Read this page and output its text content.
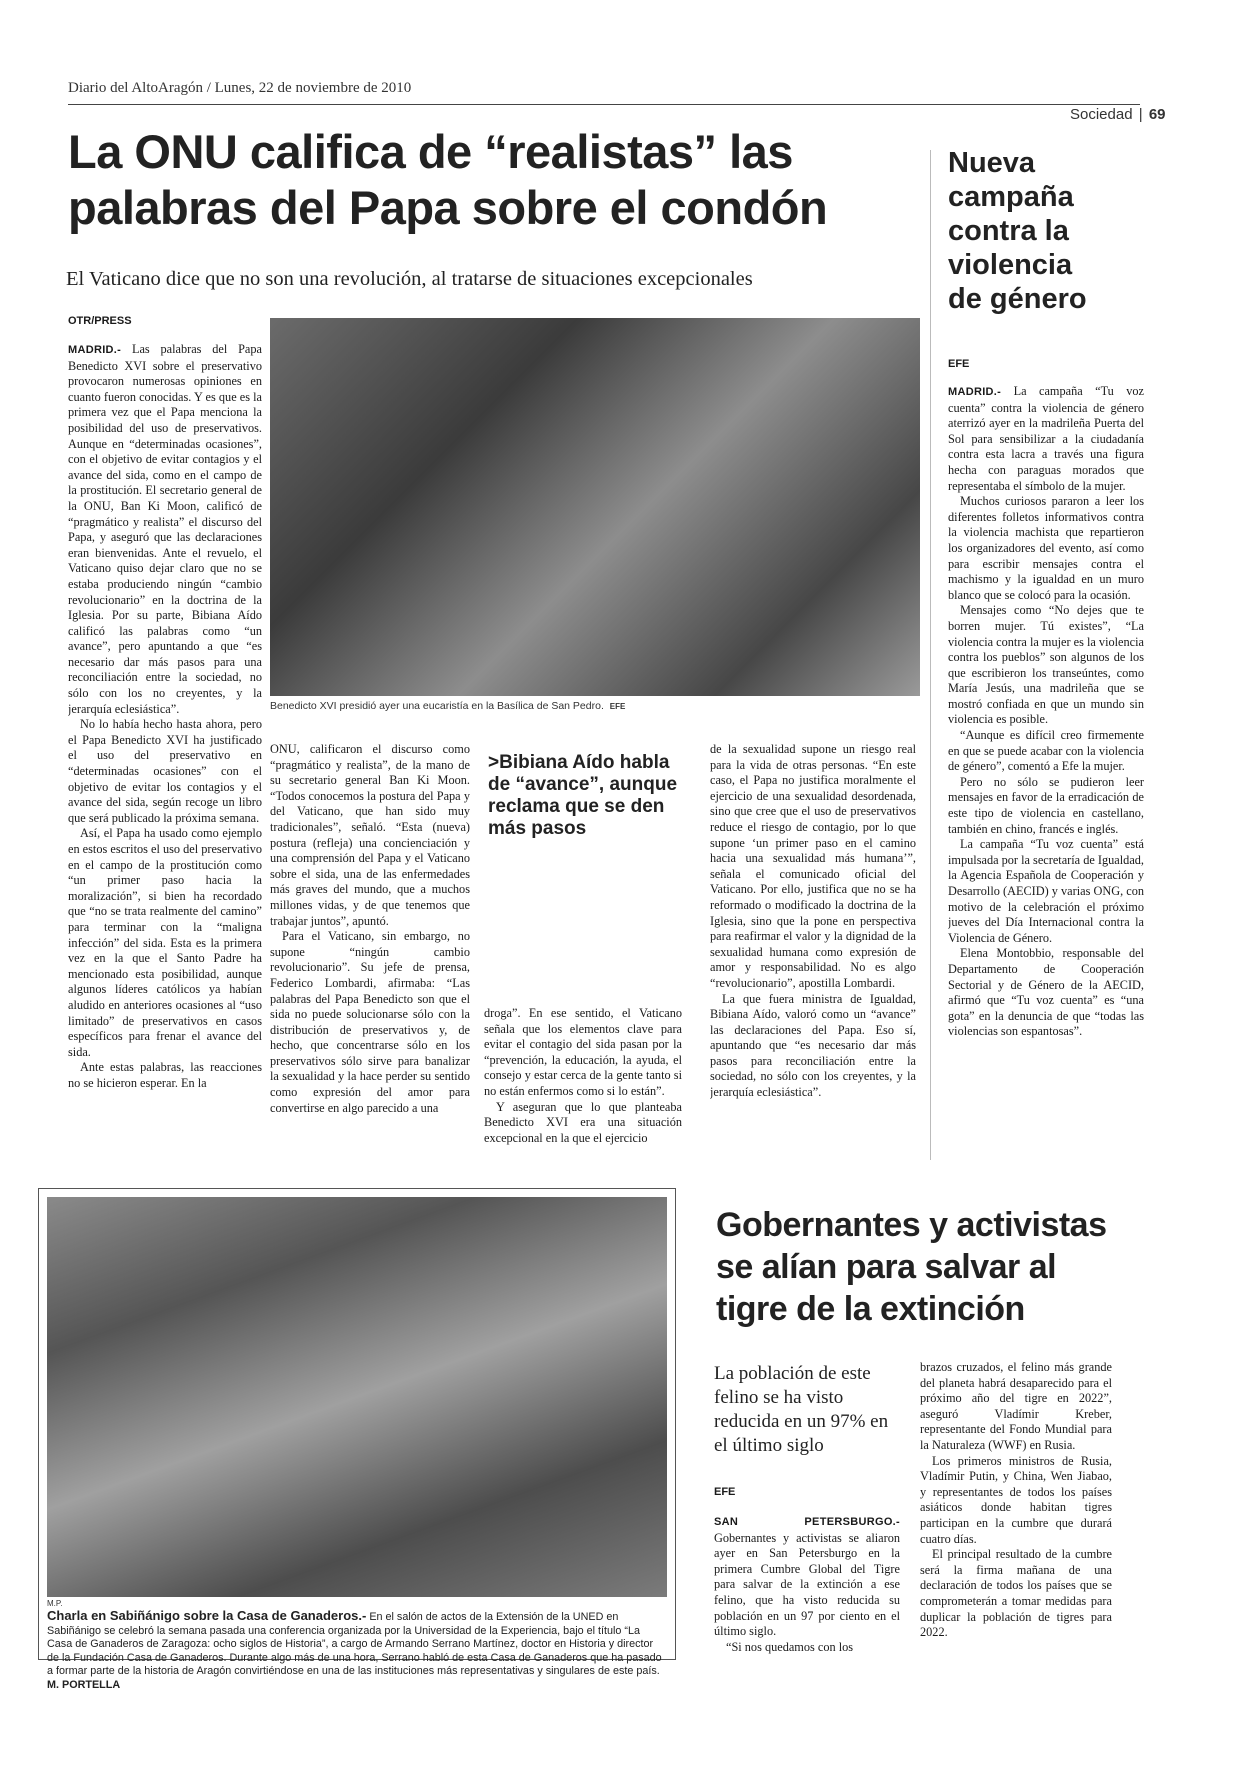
Diario del AltoAragón / Lunes, 22 de noviembre de 2010
Sociedad | 69
La ONU califica de “realistas” las
palabras del Papa sobre el condón
El Vaticano dice que no son una revolución, al tratarse de situaciones excepcionales
OTR/PRESS
Benedicto XVI presidió ayer una eucaristía en la Basílica de San Pedro. EFE

MADRID.- Las palabras del Papa Benedicto XVI sobre el preservativo provocaron numerosas opiniones en cuanto fueron conocidas. Y es que es la primera vez que el Papa menciona la posibilidad del uso de preservativos. Aunque en “determinadas ocasiones”, con el objetivo de evitar contagios y el avance del sida, como en el campo de la prostitución. El secretario general de la ONU, Ban Ki Moon, calificó de “pragmático y realista” el discurso del Papa, y aseguró que las declaraciones eran bienvenidas. Ante el revuelo, el Vaticano quiso dejar claro que no se estaba produciendo ningún “cambio revolucionario” en la doctrina de la Iglesia. Por su parte, Bibiana Aído calificó las palabras como “un avance”, pero apuntando a que “es necesario dar más pasos para una reconciliación entre la sociedad, no sólo con los no creyentes, y la jerarquía eclesiástica”.

No lo había hecho hasta ahora, pero el Papa Benedicto XVI ha justificado el uso del preservativo en “determinadas ocasiones” con el objetivo de evitar los contagios y el avance del sida, según recoge un libro que será publicado la próxima semana.

Así, el Papa ha usado como ejemplo en estos escritos el uso del preservativo en el campo de la prostitución como “un primer paso hacia la moralización”, si bien ha recordado que “no se trata realmente del camino” para terminar con la “maligna infección” del sida. Esta es la primera vez en la que el Santo Padre ha mencionado esta posibilidad, aunque algunos líderes católicos ya habían aludido en anteriores ocasiones al “uso limitado” de preservativos en casos específicos para frenar el avance del sida.

Ante estas palabras, las reacciones no se hicieron esperar. En la

ONU, calificaron el discurso como “pragmático y realista”, de la mano de su secretario general Ban Ki Moon. “Todos conocemos la postura del Papa y del Vaticano, que han sido muy tradicionales”, señaló. “Esta (nueva) postura (refleja) una concienciación y una comprensión del Papa y el Vaticano sobre el sida, una de las enfermedades más graves del mundo, que a muchos millones vidas, y de que tenemos que trabajar juntos”, apuntó.

Para el Vaticano, sin embargo, no supone “ningún cambio revolucionario”. Su jefe de prensa, Federico Lombardi, afirmaba: “Las palabras del Papa Benedicto son que el sida no puede solucionarse sólo con la distribución de preservativos y, de hecho, que concentrarse sólo en los preservativos sólo sirve para banalizar la sexualidad y la hace perder su sentido como expresión del amor para convertirse en algo parecido a una

>Bibiana Aído habla de “avance”, aunque reclama que se den más pasos

droga”. En ese sentido, el Vaticano señala que los elementos clave para evitar el contagio del sida pasan por la “prevención, la educación, la ayuda, el consejo y estar cerca de la gente tanto si no están enfermos como si lo están”.

Y aseguran que lo que planteaba Benedicto XVI era una situación excepcional en la que el ejercicio

de la sexualidad supone un riesgo real para la vida de otras personas. “En este caso, el Papa no justifica moralmente el ejercicio de una sexualidad desordenada, sino que cree que el uso de preservativos reduce el riesgo de contagio, por lo que supone ‘un primer paso en el camino hacia una sexualidad más humana’”, señala el comunicado oficial del Vaticano. Por ello, justifica que no se ha reformado o modificado la doctrina de la Iglesia, sino que la pone en perspectiva para reafirmar el valor y la dignidad de la sexualidad humana como expresión de amor y responsabilidad. No es algo “revolucionario”, apostilla Lombardi.

La que fuera ministra de Igualdad, Bibiana Aído, valoró como un “avance” las declaraciones del Papa. Eso sí, apuntando que “es necesario dar más pasos para reconciliación entre la sociedad, no sólo con los creyentes, y la jerarquía eclesiástica”.

Nueva
campaña
contra la
violencia
de género
EFE

MADRID.- La campaña “Tu voz cuenta” contra la violencia de género aterrizó ayer en la madrileña Puerta del Sol para sensibilizar a la ciudadanía contra esta lacra a través una figura hecha con paraguas morados que representaba el símbolo de la mujer.

Muchos curiosos pararon a leer los diferentes folletos informativos contra la violencia machista que repartieron los organizadores del evento, así como para escribir mensajes contra el machismo y la igualdad en un muro blanco que se colocó para la ocasión.

Mensajes como “No dejes que te borren mujer. Tú existes”, “La violencia contra la mujer es la violencia contra los pueblos” son algunos de los que escribieron los transeúntes, como María Jesús, una madrileña que se mostró confiada en que un mundo sin violencia es posible.

“Aunque es difícil creo firmemente en que se puede acabar con la violencia de género”, comentó a Efe la mujer.

Pero no sólo se pudieron leer mensajes en favor de la erradicación de este tipo de violencia en castellano, también en chino, francés e inglés.

La campaña “Tu voz cuenta” está impulsada por la secretaría de Igualdad, la Agencia Española de Cooperación y Desarrollo (AECID) y varias ONG, con motivo de la celebración el próximo jueves del Día Internacional contra la Violencia de Género.

Elena Montobbio, responsable del Departamento de Cooperación Sectorial y de Género de la AECID, afirmó que “Tu voz cuenta” es “una gota” en la denuncia de que “todas las violencias son espantosas”.

M.P.
Charla en Sabiñánigo sobre la Casa de Ganaderos.- En el salón de actos de la Extensión de la UNED en Sabiñánigo se celebró la semana pasada una conferencia organizada por la Universidad de la Experiencia, bajo el título “La Casa de Ganaderos de Zaragoza: ocho siglos de Historia”, a cargo de Armando Serrano Martínez, doctor en Historia y director de la Fundación Casa de Ganaderos. Durante algo más de una hora, Serrano habló de esta Casa de Ganaderos que ha pasado a formar parte de la historia de Aragón convirtiéndose en una de las instituciones más representativas y singulares de este país. M. PORTELLA
Gobernantes y activistas
se alían para salvar al
tigre de la extinción
La población de este felino se ha visto reducida en un 97% en el último siglo
EFE

SAN PETERSBURGO.- Gobernantes y activistas se aliaron ayer en San Petersburgo en la primera Cumbre Global del Tigre para salvar de la extinción a ese felino, que ha visto reducida su población en un 97 por ciento en el último siglo.

“Si nos quedamos con los

brazos cruzados, el felino más grande del planeta habrá desaparecido para el próximo año del tigre en 2022”, aseguró Vladímir Kreber, representante del Fondo Mundial para la Naturaleza (WWF) en Rusia.

Los primeros ministros de Rusia, Vladímir Putin, y China, Wen Jiabao, y representantes de todos los países asiáticos donde habitan tigres participan en la cumbre que durará cuatro días.

El principal resultado de la cumbre será la firma mañana de una declaración de todos los países que se comprometerán a tomar medidas para duplicar la población de tigres para 2022.
